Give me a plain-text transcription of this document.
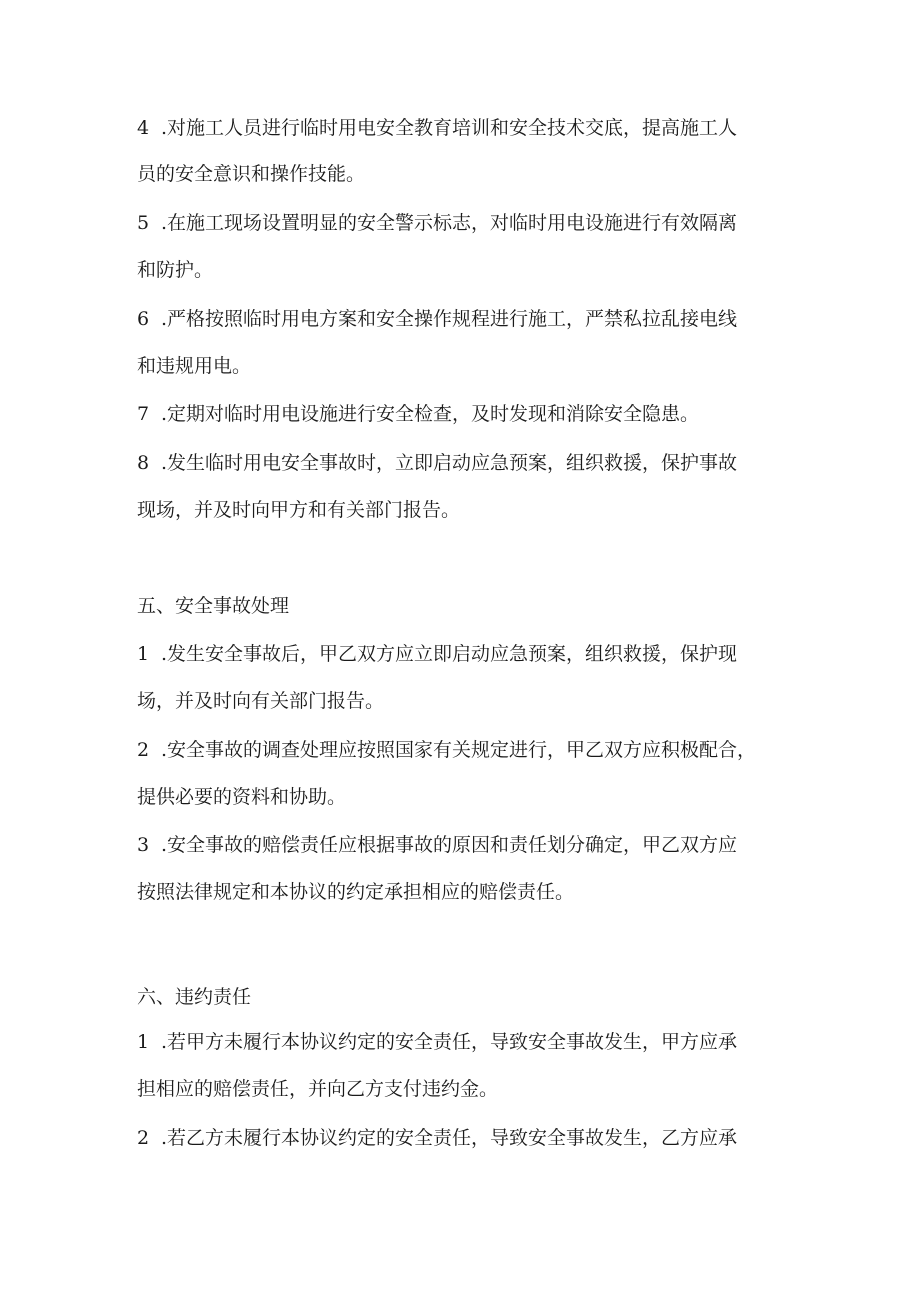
4 .对施工人员进行临时用电安全教育培训和安全技术交底，提高施工人
员的安全意识和操作技能。
5 .在施工现场设置明显的安全警示标志，对临时用电设施进行有效隔离
和防护。
6 .严格按照临时用电方案和安全操作规程进行施工，严禁私拉乱接电线
和违规用电。
7 .定期对临时用电设施进行安全检查，及时发现和消除安全隐患。
8 .发生临时用电安全事故时，立即启动应急预案，组织救援，保护事故
现场，并及时向甲方和有关部门报告。
五、安全事故处理
1 .发生安全事故后，甲乙双方应立即启动应急预案，组织救援，保护现
场，并及时向有关部门报告。
2 .安全事故的调查处理应按照国家有关规定进行，甲乙双方应积极配合，
提供必要的资料和协助。
3 .安全事故的赔偿责任应根据事故的原因和责任划分确定，甲乙双方应
按照法律规定和本协议的约定承担相应的赔偿责任。
六、违约责任
1 .若甲方未履行本协议约定的安全责任，导致安全事故发生，甲方应承
担相应的赔偿责任，并向乙方支付违约金。
2 .若乙方未履行本协议约定的安全责任，导致安全事故发生，乙方应承
